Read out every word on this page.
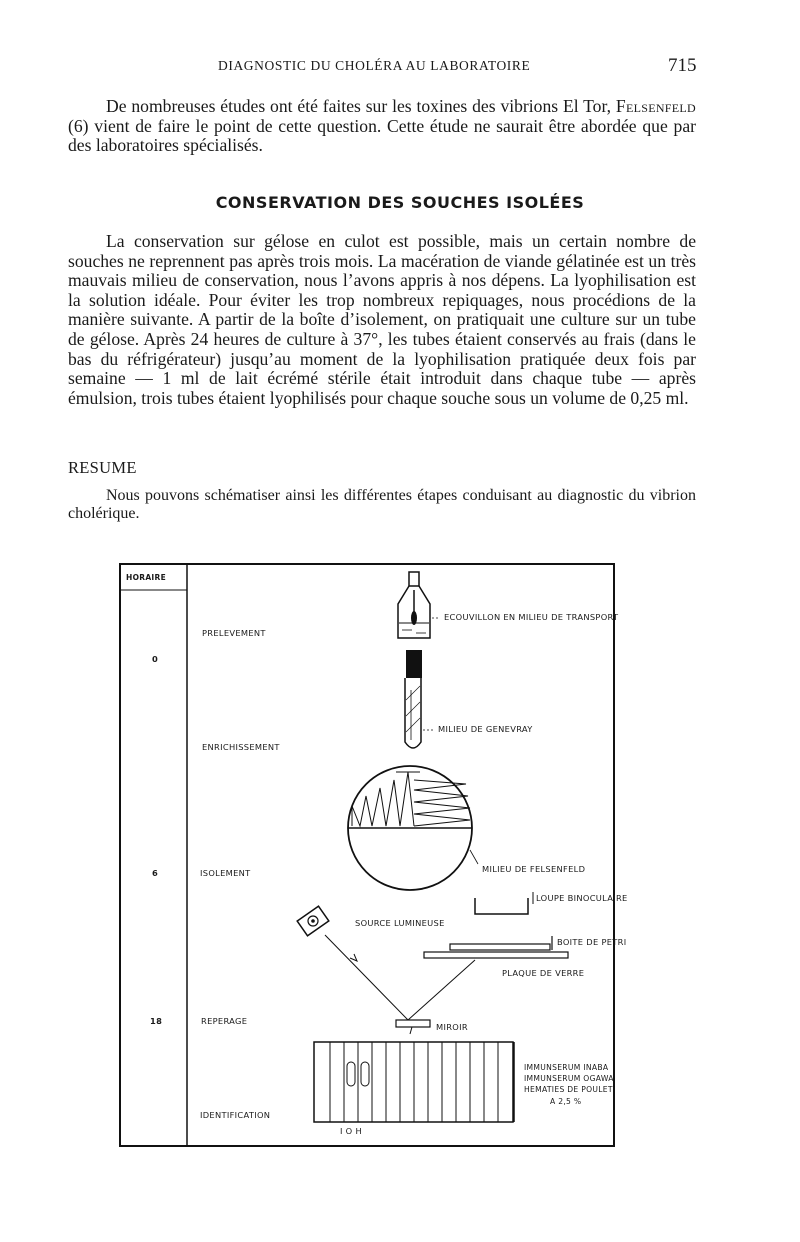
DIAGNOSTIC DU CHOLÉRA AU LABORATOIRE	715

De nombreuses études ont été faites sur les toxines des vibrions El Tor, Felsenfeld (6) vient de faire le point de cette question. Cette étude ne saurait être abordée que par des laboratoires spécialisés.

CONSERVATION DES SOUCHES ISOLÉES

La conservation sur gélose en culot est possible, mais un certain nombre de souches ne reprennent pas après trois mois. La macération de viande gélatinée est un très mauvais milieu de conservation, nous l’avons appris à nos dépens. La lyophilisation est la solution idéale. Pour éviter les trop nombreux repiquages, nous procédions de la manière suivante. A partir de la boîte d’isolement, on pratiquait une culture sur un tube de gélose. Après 24 heures de culture à 37°, les tubes étaient conservés au frais (dans le bas du réfrigérateur) jusqu’au moment de la lyophilisation pratiquée deux fois par semaine — 1 ml de lait écrémé stérile était introduit dans chaque tube — après émulsion, trois tubes étaient lyophilisés pour chaque souche sous un volume de 0,25 ml.

RESUME

Nous pouvons schématiser ainsi les différentes étapes conduisant au diagnostic du vibrion cholérique.

HORAIRE
0
6
18
PRELEVEMENT
ENRICHISSEMENT
ISOLEMENT
REPERAGE
IDENTIFICATION
ECOUVILLON EN MILIEU DE TRANSPORT
MILIEU DE GENEVRAY
MILIEU DE FELSENFELD
LOUPE BINOCULAIRE
SOURCE LUMINEUSE
BOITE DE PETRI
PLAQUE DE VERRE
MIROIR
IMMUNSERUM INABA
IMMUNSERUM OGAWA
HEMATIES DE POULET
A 2,5 %
I O H
